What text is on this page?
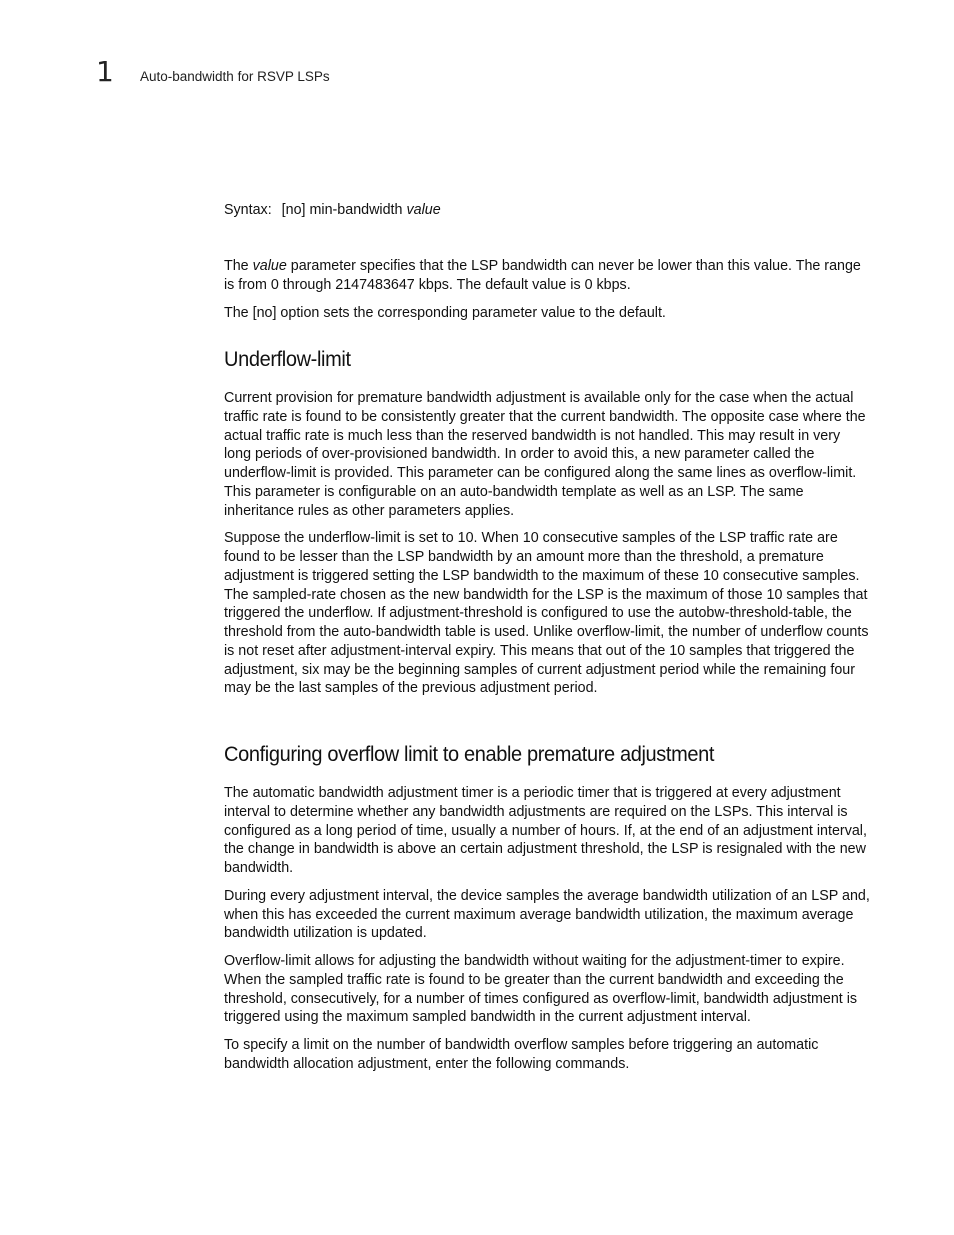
1	Auto-bandwidth for RSVP LSPs
Syntax: [no] min-bandwidth value

The value parameter specifies that the LSP bandwidth can never be lower than this value. The range is from 0 through 2147483647 kbps. The default value is 0 kbps.

The [no] option sets the corresponding parameter value to the default.

Underflow-limit

Current provision for premature bandwidth adjustment is available only for the case when the actual traffic rate is found to be consistently greater that the current bandwidth. The opposite case where the actual traffic rate is much less than the reserved bandwidth is not handled. This may result in very long periods of over-provisioned bandwidth. In order to avoid this, a new parameter called the underflow-limit is provided. This parameter can be configured along the same lines as overflow-limit. This parameter is configurable on an auto-bandwidth template as well as an LSP. The same inheritance rules as other parameters applies.

Suppose the underflow-limit is set to 10. When 10 consecutive samples of the LSP traffic rate are found to be lesser than the LSP bandwidth by an amount more than the threshold, a premature adjustment is triggered setting the LSP bandwidth to the maximum of these 10 consecutive samples. The sampled-rate chosen as the new bandwidth for the LSP is the maximum of those 10 samples that triggered the underflow. If adjustment-threshold is configured to use the autobw-threshold-table, the threshold from the auto-bandwidth table is used. Unlike overflow-limit, the number of underflow counts is not reset after adjustment-interval expiry. This means that out of the 10 samples that triggered the adjustment, six may be the beginning samples of current adjustment period while the remaining four may be the last samples of the previous adjustment period.

Configuring overflow limit to enable premature adjustment

The automatic bandwidth adjustment timer is a periodic timer that is triggered at every adjustment interval to determine whether any bandwidth adjustments are required on the LSPs. This interval is configured as a long period of time, usually a number of hours. If, at the end of an adjustment interval, the change in bandwidth is above an certain adjustment threshold, the LSP is resignaled with the new bandwidth.

During every adjustment interval, the device samples the average bandwidth utilization of an LSP and, when this has exceeded the current maximum average bandwidth utilization, the maximum average bandwidth utilization is updated.

Overflow-limit allows for adjusting the bandwidth without waiting for the adjustment-timer to expire. When the sampled traffic rate is found to be greater than the current bandwidth and exceeding the threshold, consecutively, for a number of times configured as overflow-limit, bandwidth adjustment is triggered using the maximum sampled bandwidth in the current adjustment interval.

To specify a limit on the number of bandwidth overflow samples before triggering an automatic bandwidth allocation adjustment, enter the following commands.
